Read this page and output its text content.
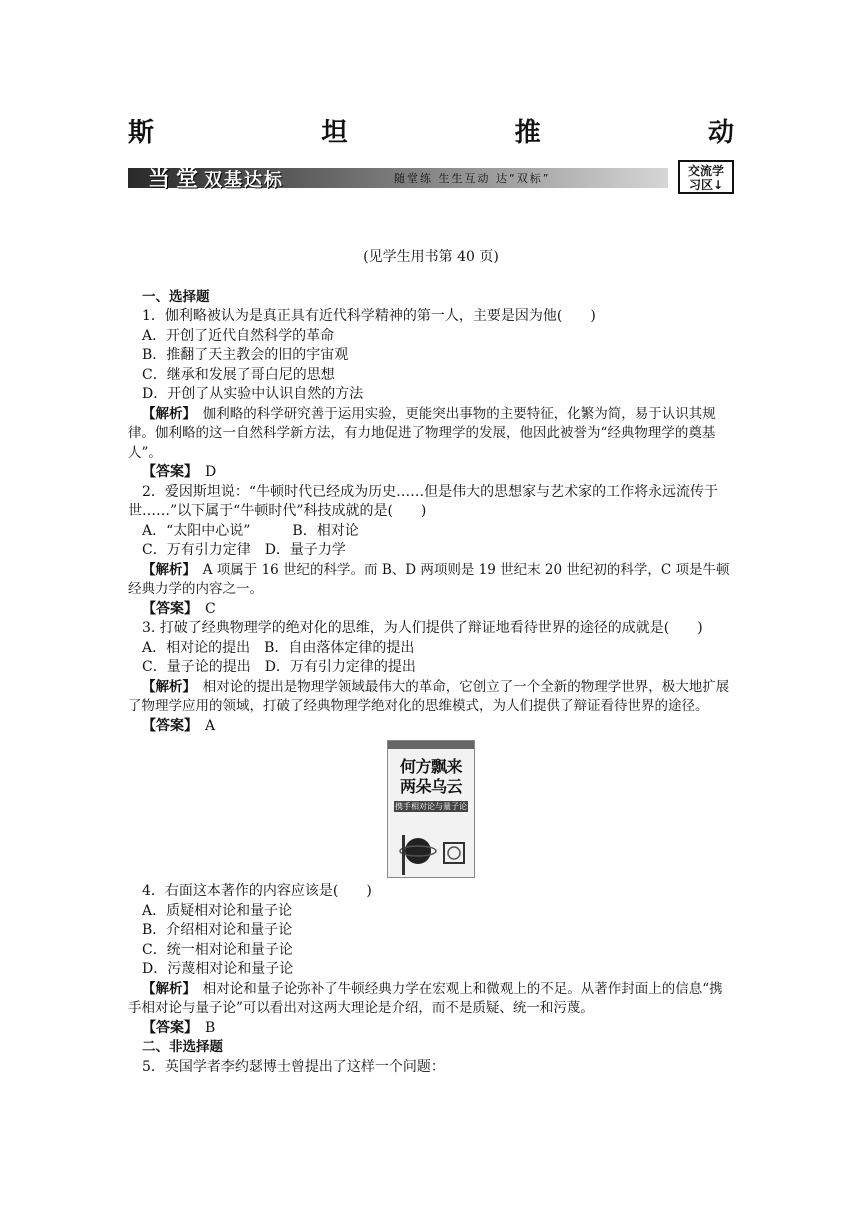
斯	坦	推	动
当堂双基达标	随堂练 生生互动 达“双标”
交流学
习区↓

(见学生用书第 40 页)

一、选择题

1．伽利略被认为是真正具有近代科学精神的第一人，主要是因为他(　　)

A．开创了近代自然科学的革命

B．推翻了天主教会的旧的宇宙观

C．继承和发展了哥白尼的思想

D．开创了从实验中认识自然的方法

【解析】　 伽利略的科学研究善于运用实验，更能突出事物的主要特征，化繁为简，易于认识其规律。伽利略的这一自然科学新方法，有力地促进了物理学的发展，他因此被誉为“经典物理学的奠基人”。

【答案】　 D

2．爱因斯坦说：“牛顿时代已经成为历史……但是伟大的思想家与艺术家的工作将永远流传于世……”以下属于“牛顿时代”科技成就的是(　　)

A．“太阳中心说”　　　B．相对论

C．万有引力定律　D．量子力学

【解析】　 A 项属于 16 世纪的科学。而 B、D 两项则是 19 世纪末 20 世纪初的科学，C 项是牛顿经典力学的内容之一。

【答案】　 C

3. 打破了经典物理学的绝对化的思维，为人们提供了辩证地看待世界的途径的成就是(　　)

A．相对论的提出　B．自由落体定律的提出

C．量子论的提出　D．万有引力定律的提出

【解析】　 相对论的提出是物理学领域最伟大的革命，它创立了一个全新的物理学世界，极大地扩展了物理学应用的领域，打破了经典物理学绝对化的思维模式，为人们提供了辩证看待世界的途径。

【答案】　 A

何方飘来
两朵乌云
携手相对论与量子论

4．右面这本著作的内容应该是(　　)

A．质疑相对论和量子论

B．介绍相对论和量子论

C．统一相对论和量子论

D．污蔑相对论和量子论

【解析】　 相对论和量子论弥补了牛顿经典力学在宏观上和微观上的不足。从著作封面上的信息“携手相对论与量子论”可以看出对这两大理论是介绍，而不是质疑、统一和污蔑。

【答案】　 B

二、非选择题

5．英国学者李约瑟博士曾提出了这样一个问题：
